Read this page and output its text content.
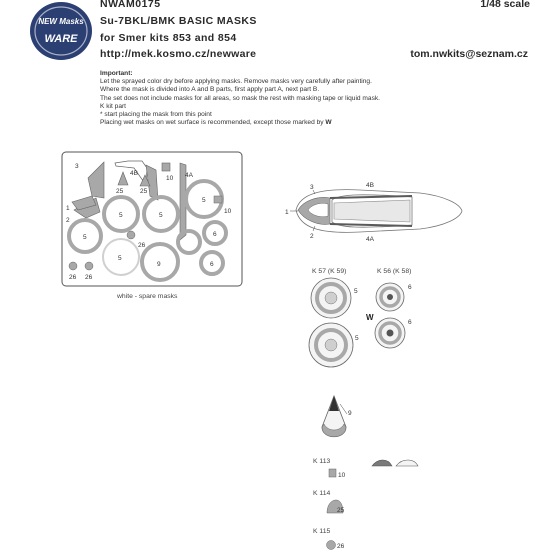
NEW Masks
WARE
NWAM0175
Su-7BKL/BMK BASIC MASKS
for Smer kits 853 and 854
http://mek.kosmo.cz/newware
1/48 scale
tom.nwkits@seznam.cz
Important:
Let the sprayed color dry before applying masks. Remove masks very carefully after painting.
Where the mask is divided into A and B parts, first apply part A, next part B.
The set does not include masks for all areas, so mask the rest with masking tape or liquid mask.
K kit part
* start placing the mask from this point
Placing wet masks on wet surface is recommended, except those marked by W
3
4B
10 4A
25	25
1
5	5
5
10
2
26
6
5
5
9	6
26 26
white - spare masks
3	4B
1
2	4A
K 57 (K 59)	K 56 (K 58)
5
6
5
6
W
9
K 113
10
K 114
25
K 115
26
